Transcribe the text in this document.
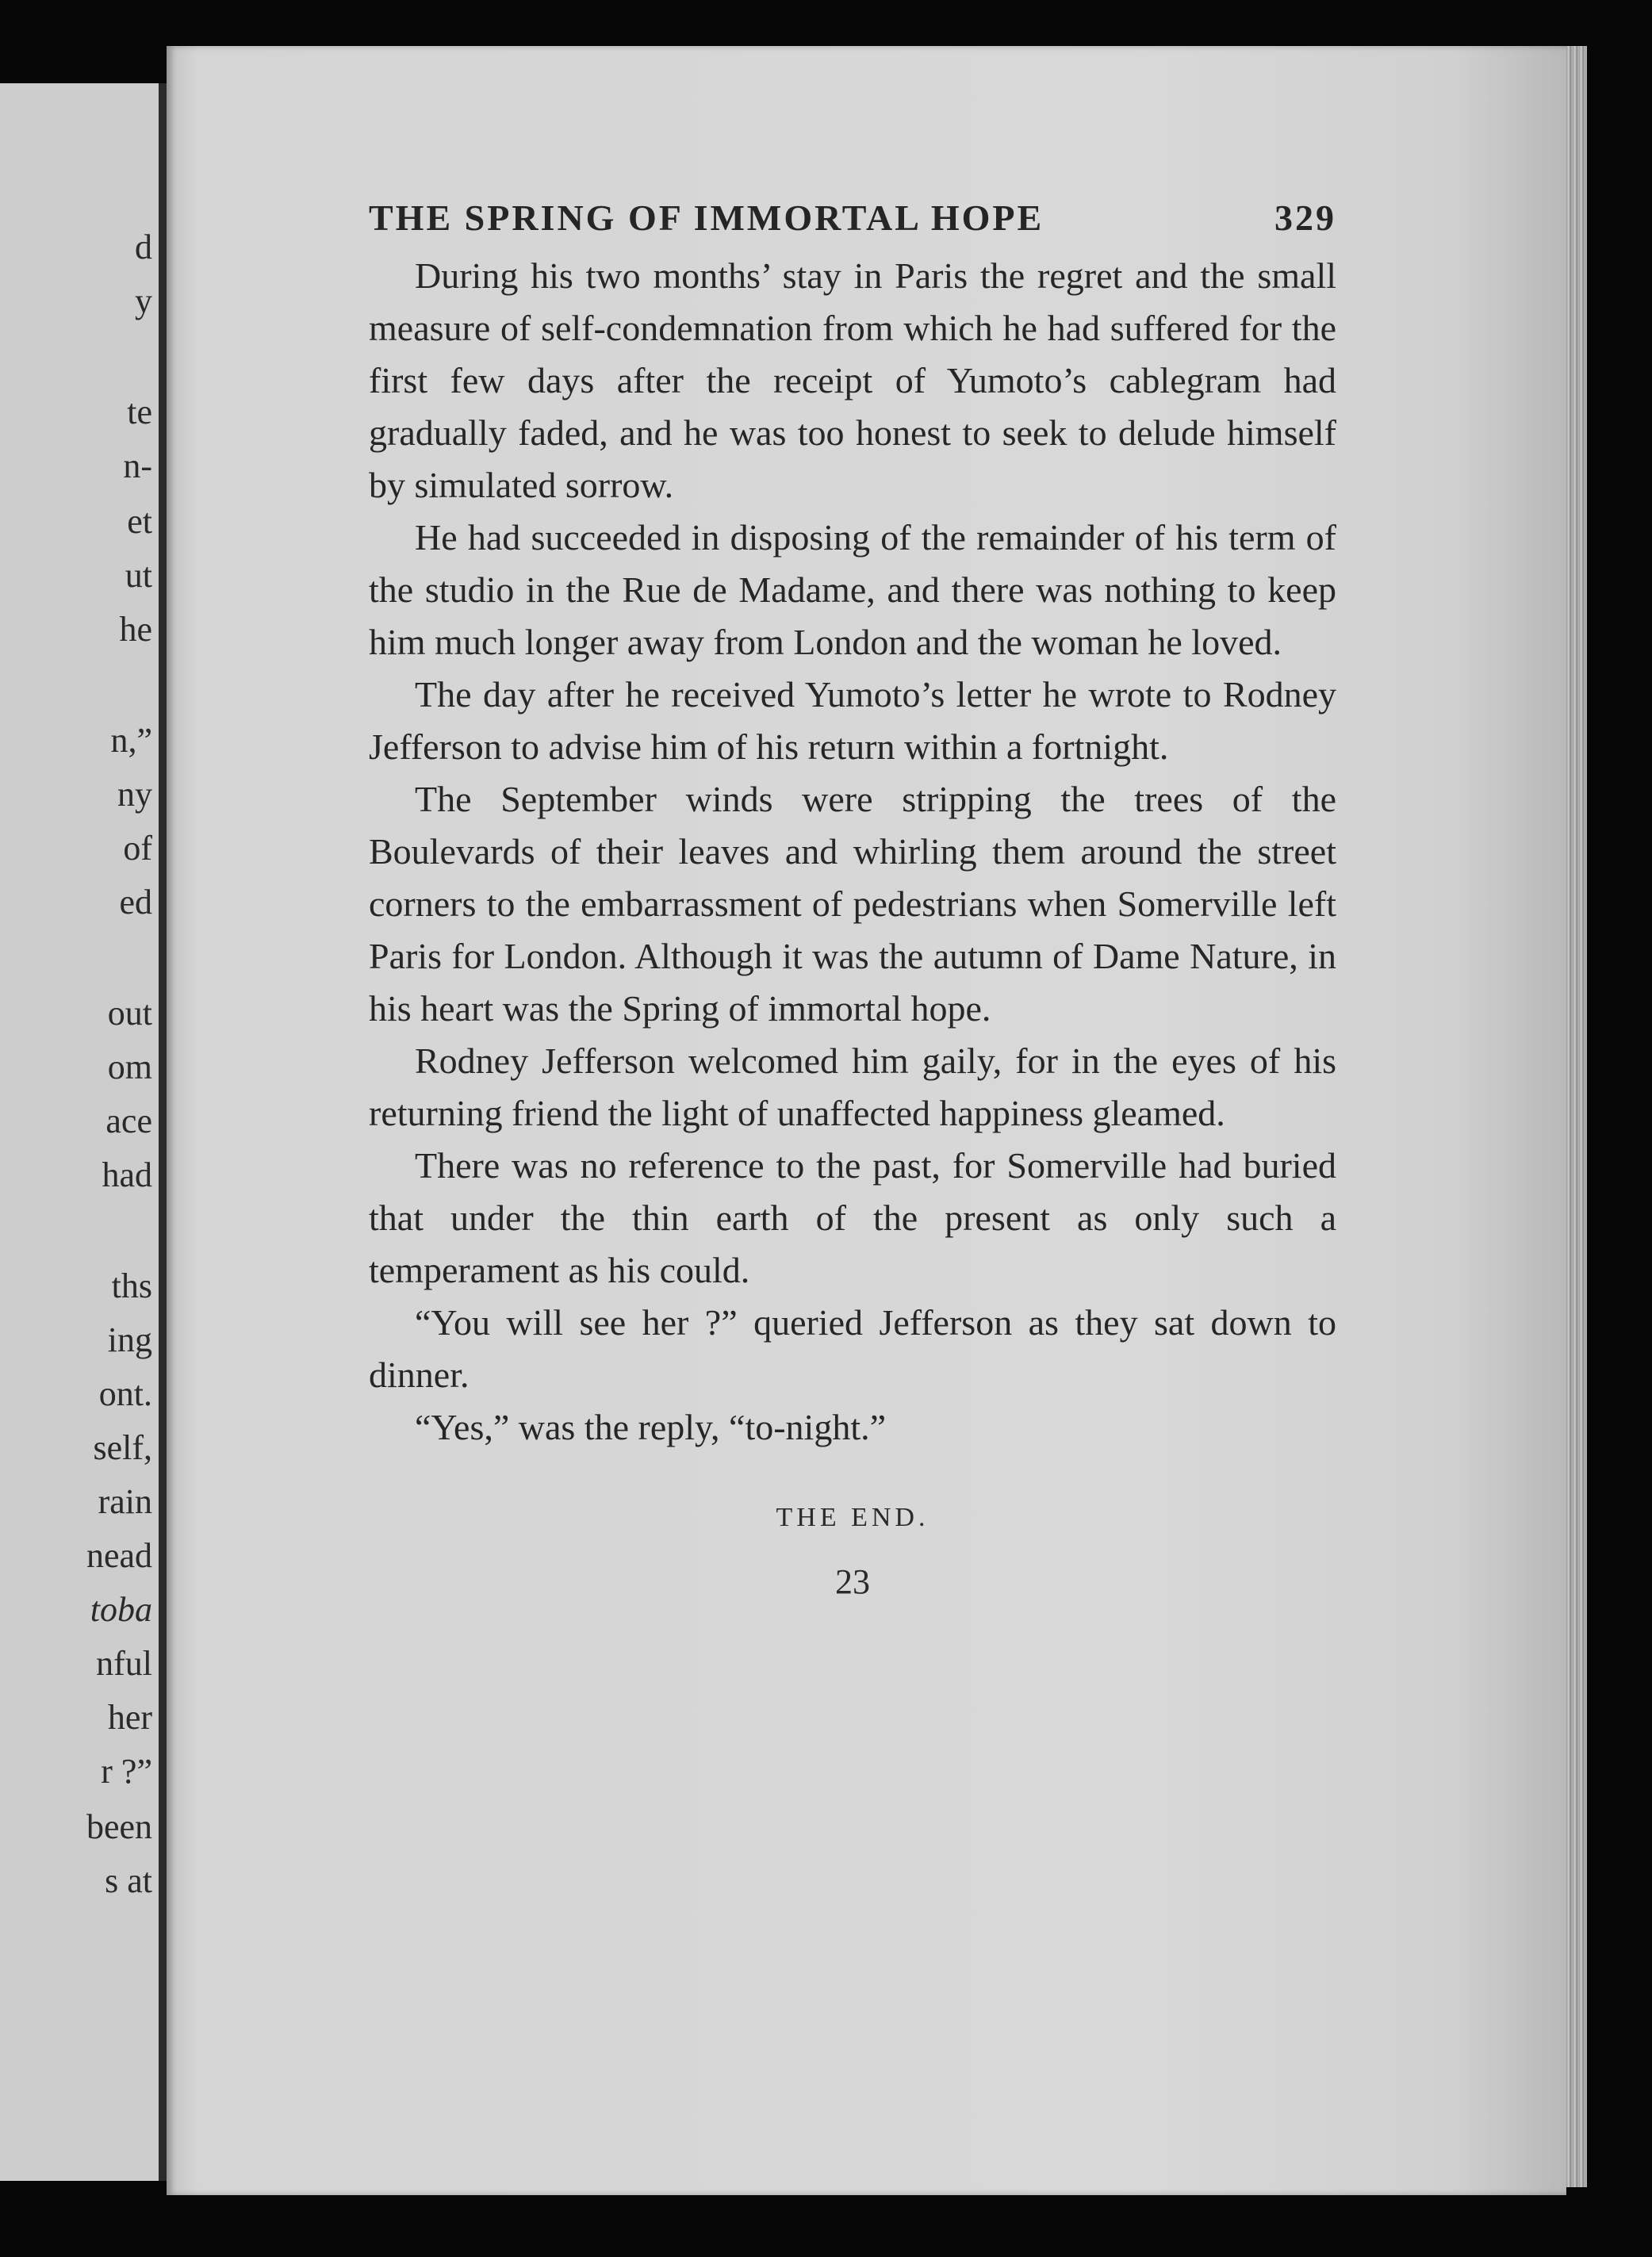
d
y
te
n-
et
ut
he
n,”
ny
of
ed
out
om
ace
had
ths
ing
ont.
self,
rain
nead
toba
nful
her
r ?”
been
s at
THE SPRING OF IMMORTAL HOPE	329

During his two months’ stay in Paris the regret and the small measure of self-condemnation from which he had suffered for the first few days after the receipt of Yumoto’s cablegram had gradually faded, and he was too honest to seek to delude himself by simulated sorrow.

He had succeeded in disposing of the remainder of his term of the studio in the Rue de Madame, and there was nothing to keep him much longer away from London and the woman he loved.

The day after he received Yumoto’s letter he wrote to Rodney Jefferson to advise him of his return within a fortnight.

The September winds were stripping the trees of the Boulevards of their leaves and whirling them around the street corners to the embarrassment of pedestrians when Somerville left Paris for London. Although it was the autumn of Dame Nature, in his heart was the Spring of immortal hope.

Rodney Jefferson welcomed him gaily, for in the eyes of his returning friend the light of unaffected happiness gleamed.

There was no reference to the past, for Somerville had buried that under the thin earth of the present as only such a temperament as his could.

“You will see her ?” queried Jefferson as they sat down to dinner.

“Yes,” was the reply, “to-night.”

THE END.
23
